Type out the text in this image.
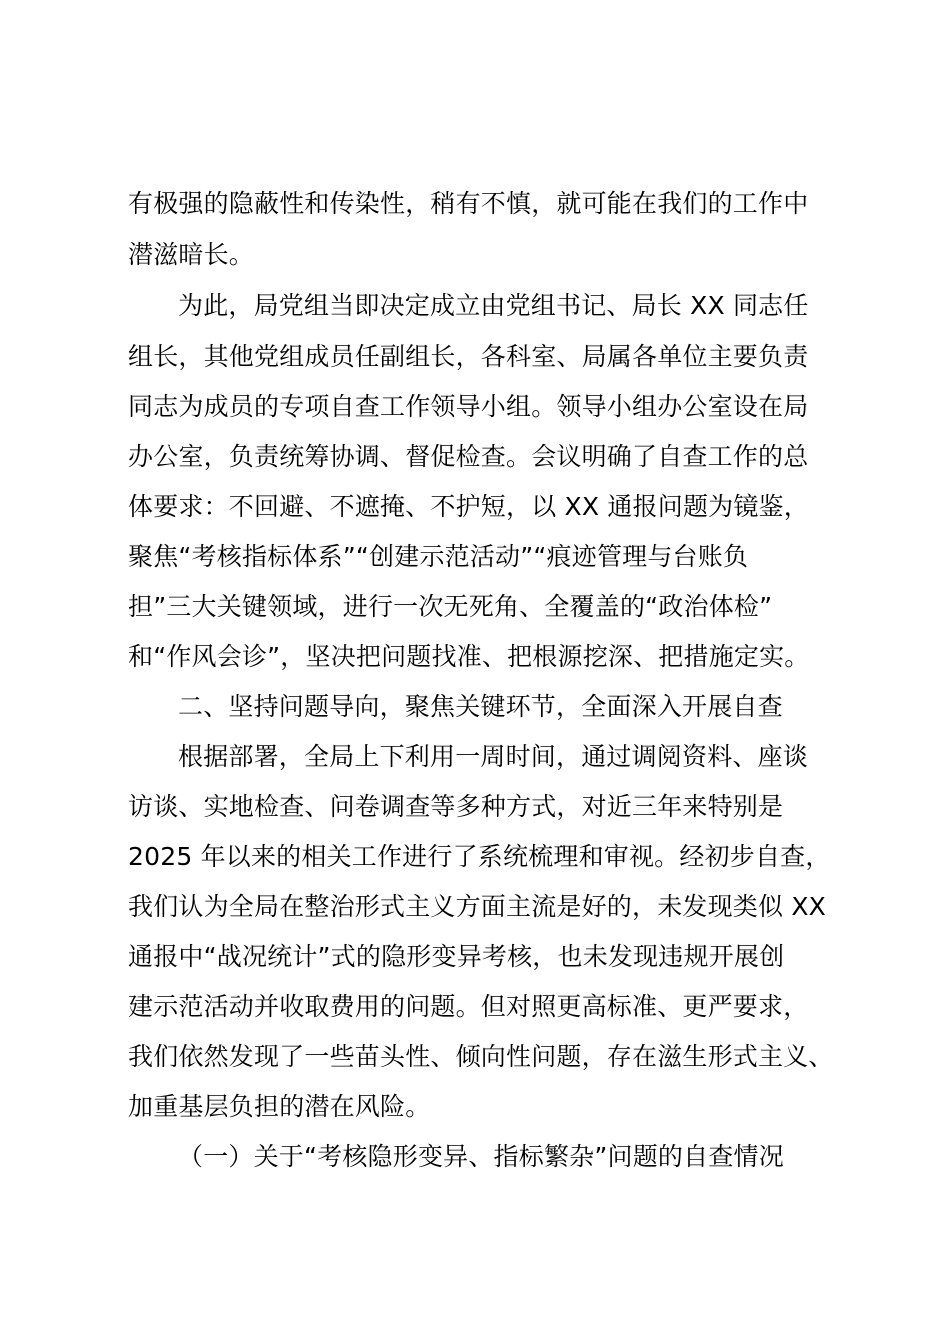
有极强的隐蔽性和传染性，稍有不慎，就可能在我们的工作中
潜滋暗长。
为此，局党组当即决定成立由党组书记、局长 XX 同志任
组长，其他党组成员任副组长，各科室、局属各单位主要负责
同志为成员的专项自查工作领导小组。领导小组办公室设在局
办公室，负责统筹协调、督促检查。会议明确了自查工作的总
体要求：不回避、不遮掩、不护短，以 XX 通报问题为镜鉴，
聚焦“考核指标体系”“创建示范活动”“痕迹管理与台账负
担”三大关键领域，进行一次无死角、全覆盖的“政治体检”
和“作风会诊”，坚决把问题找准、把根源挖深、把措施定实。
二、坚持问题导向，聚焦关键环节，全面深入开展自查
根据部署，全局上下利用一周时间，通过调阅资料、座谈
访谈、实地检查、问卷调查等多种方式，对近三年来特别是
2025 年以来的相关工作进行了系统梳理和审视。经初步自查，
我们认为全局在整治形式主义方面主流是好的，未发现类似 XX
通报中“战况统计”式的隐形变异考核，也未发现违规开展创
建示范活动并收取费用的问题。但对照更高标准、更严要求，
我们依然发现了一些苗头性、倾向性问题，存在滋生形式主义、
加重基层负担的潜在风险。
（一）关于“考核隐形变异、指标繁杂”问题的自查情况
